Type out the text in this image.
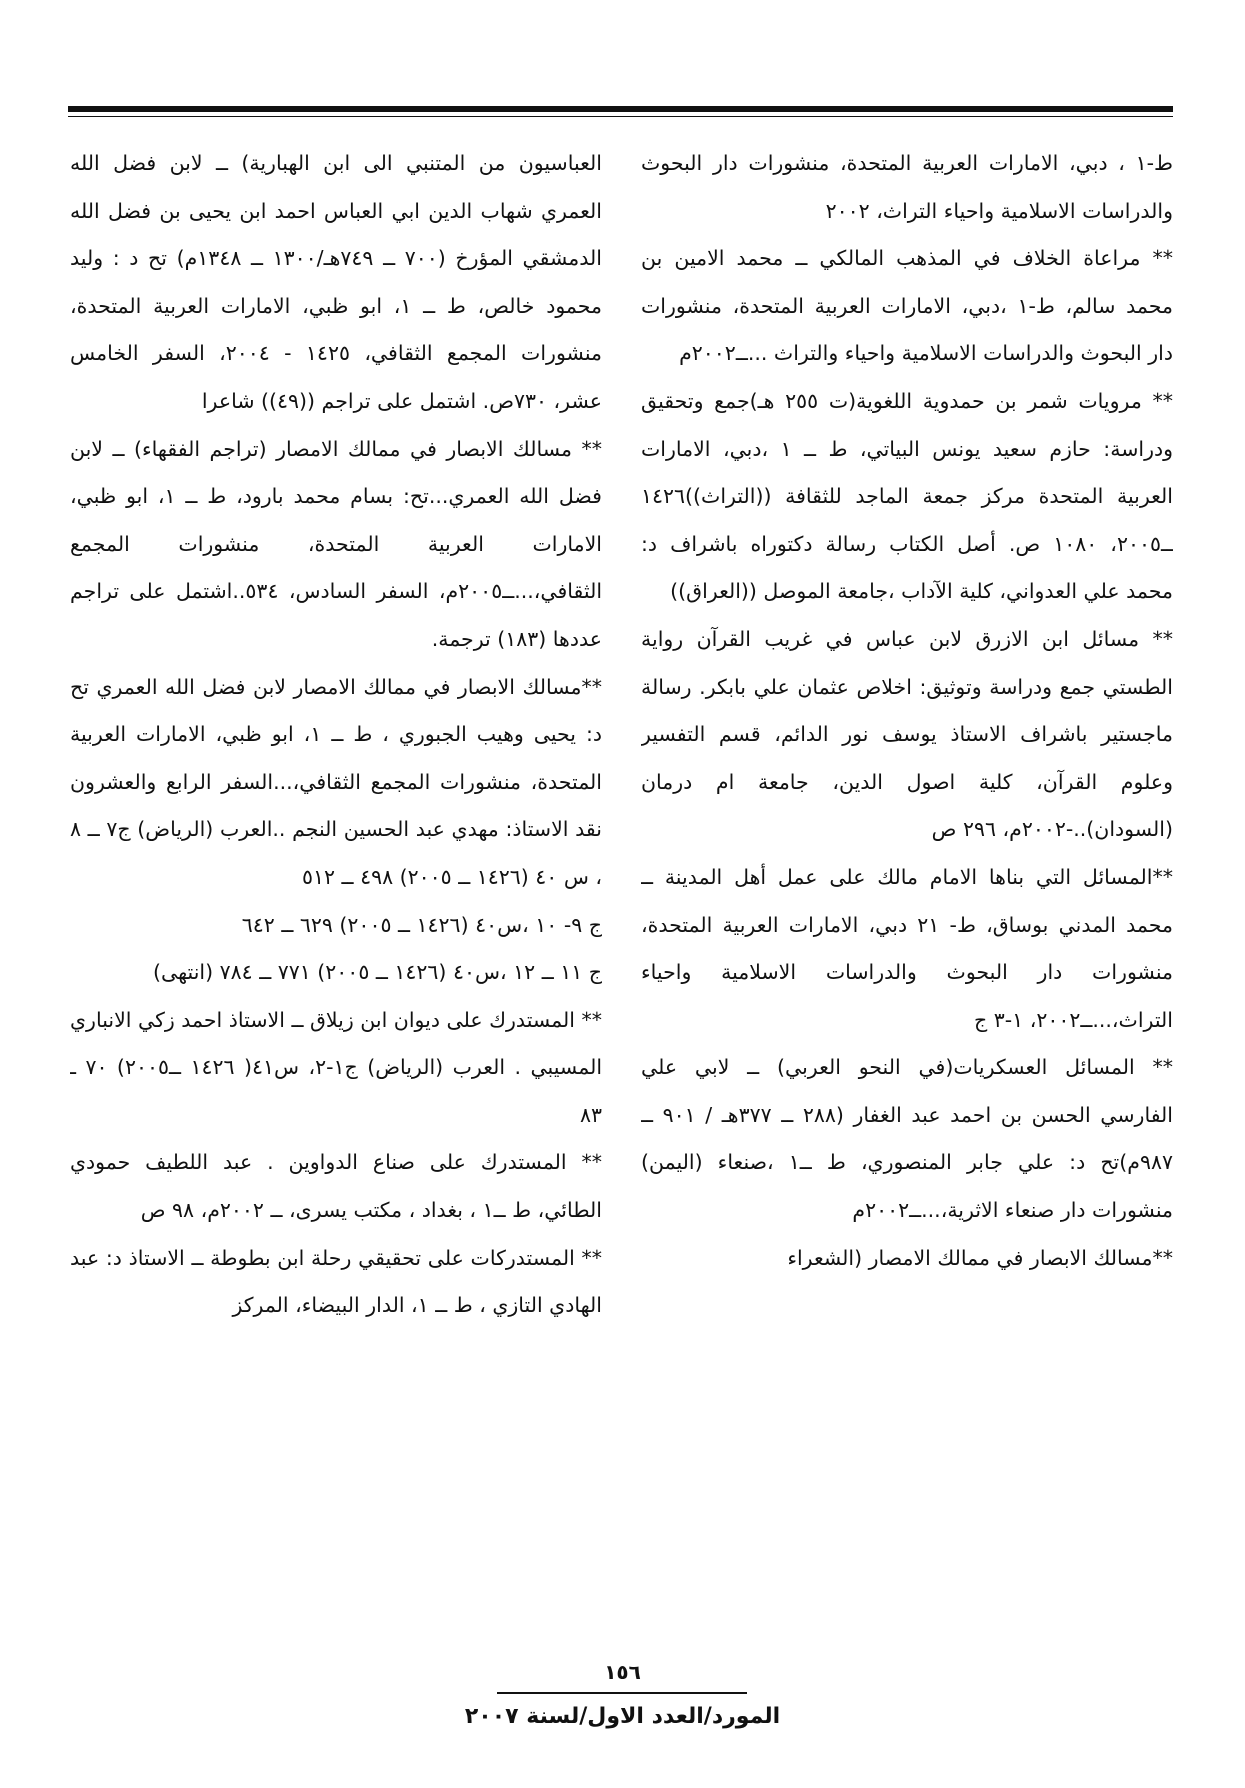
ط-١ ، دبي، الامارات العربية المتحدة، منشورات دار البحوث والدراسات الاسلامية واحياء التراث، ٢٠٠٢

** مراعاة الخلاف في المذهب المالكي ــ محمد الامين بن محمد سالم، ط-١ ،دبي، الامارات العربية المتحدة، منشورات دار البحوث والدراسات الاسلامية واحياء والتراث ...ــ٢٠٠٢م

** مرويات شمر بن حمدوية اللغوية(ت ٢٥٥ هـ)جمع وتحقيق ودراسة: حازم سعيد يونس البياتي، ط ــ ١ ،دبي، الامارات العربية المتحدة مركز جمعة الماجد للثقافة ((التراث))١٤٢٦ ــ٢٠٠٥، ١٠٨٠ ص. أصل الكتاب رسالة دكتوراه باشراف د: محمد علي العدواني، كلية الآداب ،جامعة الموصل ((العراق))

** مسائل ابن الازرق لابن عباس في غريب القرآن رواية الطستي جمع ودراسة وتوثيق: اخلاص عثمان علي بابكر. رسالة ماجستير باشراف الاستاذ يوسف نور الدائم، قسم التفسير وعلوم القرآن، كلية اصول الدين، جامعة ام درمان (السودان)..-٢٠٠٢م، ٢٩٦ ص

**المسائل التي بناها الامام مالك على عمل أهل المدينة ــ محمد المدني بوساق، ط- ٢١ دبي، الامارات العربية المتحدة، منشورات دار البحوث والدراسات الاسلامية واحياء التراث،...ــ٢٠٠٢، ١-٣ ج

** المسائل العسكريات(في النحو العربي) ــ لابي علي الفارسي الحسن بن احمد عبد الغفار (٢٨٨ ــ ٣٧٧هـ / ٩٠١ ــ ٩٨٧م)تح د: علي جابر المنصوري، ط ــ١ ،صنعاء (اليمن) منشورات دار صنعاء الاثرية،...ــ٢٠٠٢م

**مسالك الابصار في ممالك الامصار (الشعراء

العباسيون من المتنبي الى ابن الهبارية) ــ لابن فضل الله العمري شهاب الدين ابي العباس احمد ابن يحيى بن فضل الله الدمشقي المؤرخ (٧٠٠ ــ ٧٤٩هـ/١٣٠٠ ــ ١٣٤٨م) تح د : وليد محمود خالص، ط ــ ١، ابو ظبي، الامارات العربية المتحدة، منشورات المجمع الثقافي، ١٤٢٥ - ٢٠٠٤، السفر الخامس عشر، ٧٣٠ص. اشتمل على تراجم ((٤٩)) شاعرا

** مسالك الابصار في ممالك الامصار (تراجم الفقهاء) ــ لابن فضل الله العمري...تح: بسام محمد بارود، ط ــ ١، ابو ظبي، الامارات العربية المتحدة، منشورات المجمع الثقافي،...ــ٢٠٠٥م، السفر السادس، ٥٣٤..اشتمل على تراجم عددها (١٨٣) ترجمة.

**مسالك الابصار في ممالك الامصار لابن فضل الله العمري تح د: يحيى وهيب الجبوري ، ط ــ ١، ابو ظبي، الامارات العربية المتحدة، منشورات المجمع الثقافي،...السفر الرابع والعشرون نقد الاستاذ: مهدي عبد الحسين النجم ..العرب (الرياض) ج٧ ــ ٨ ، س ٤٠ (١٤٢٦ ــ ٢٠٠٥) ٤٩٨ ــ ٥١٢

ج ٩- ١٠ ،س٤٠ (١٤٢٦ ــ ٢٠٠٥) ٦٢٩ ــ ٦٤٢

ج ١١ ــ ١٢ ،س٤٠ (١٤٢٦ ــ ٢٠٠٥) ٧٧١ ــ ٧٨٤ (انتهى)

** المستدرك على ديوان ابن زيلاق ــ الاستاذ احمد زكي الانباري المسيبي . العرب (الرياض) ج١-٢، س٤١( ١٤٢٦ ــ٢٠٠٥) ٧٠ ـ ٨٣

** المستدرك على صناع الدواوين . عبد اللطيف حمودي الطائي، ط ــ١ ، بغداد ، مكتب يسرى، ــ ٢٠٠٢م، ٩٨ ص

** المستدركات على تحقيقي رحلة ابن بطوطة ــ الاستاذ د: عبد الهادي التازي ، ط ــ ١، الدار البيضاء، المركز

١٥٦
المورد/العدد الاول/لسنة ٢٠٠٧
